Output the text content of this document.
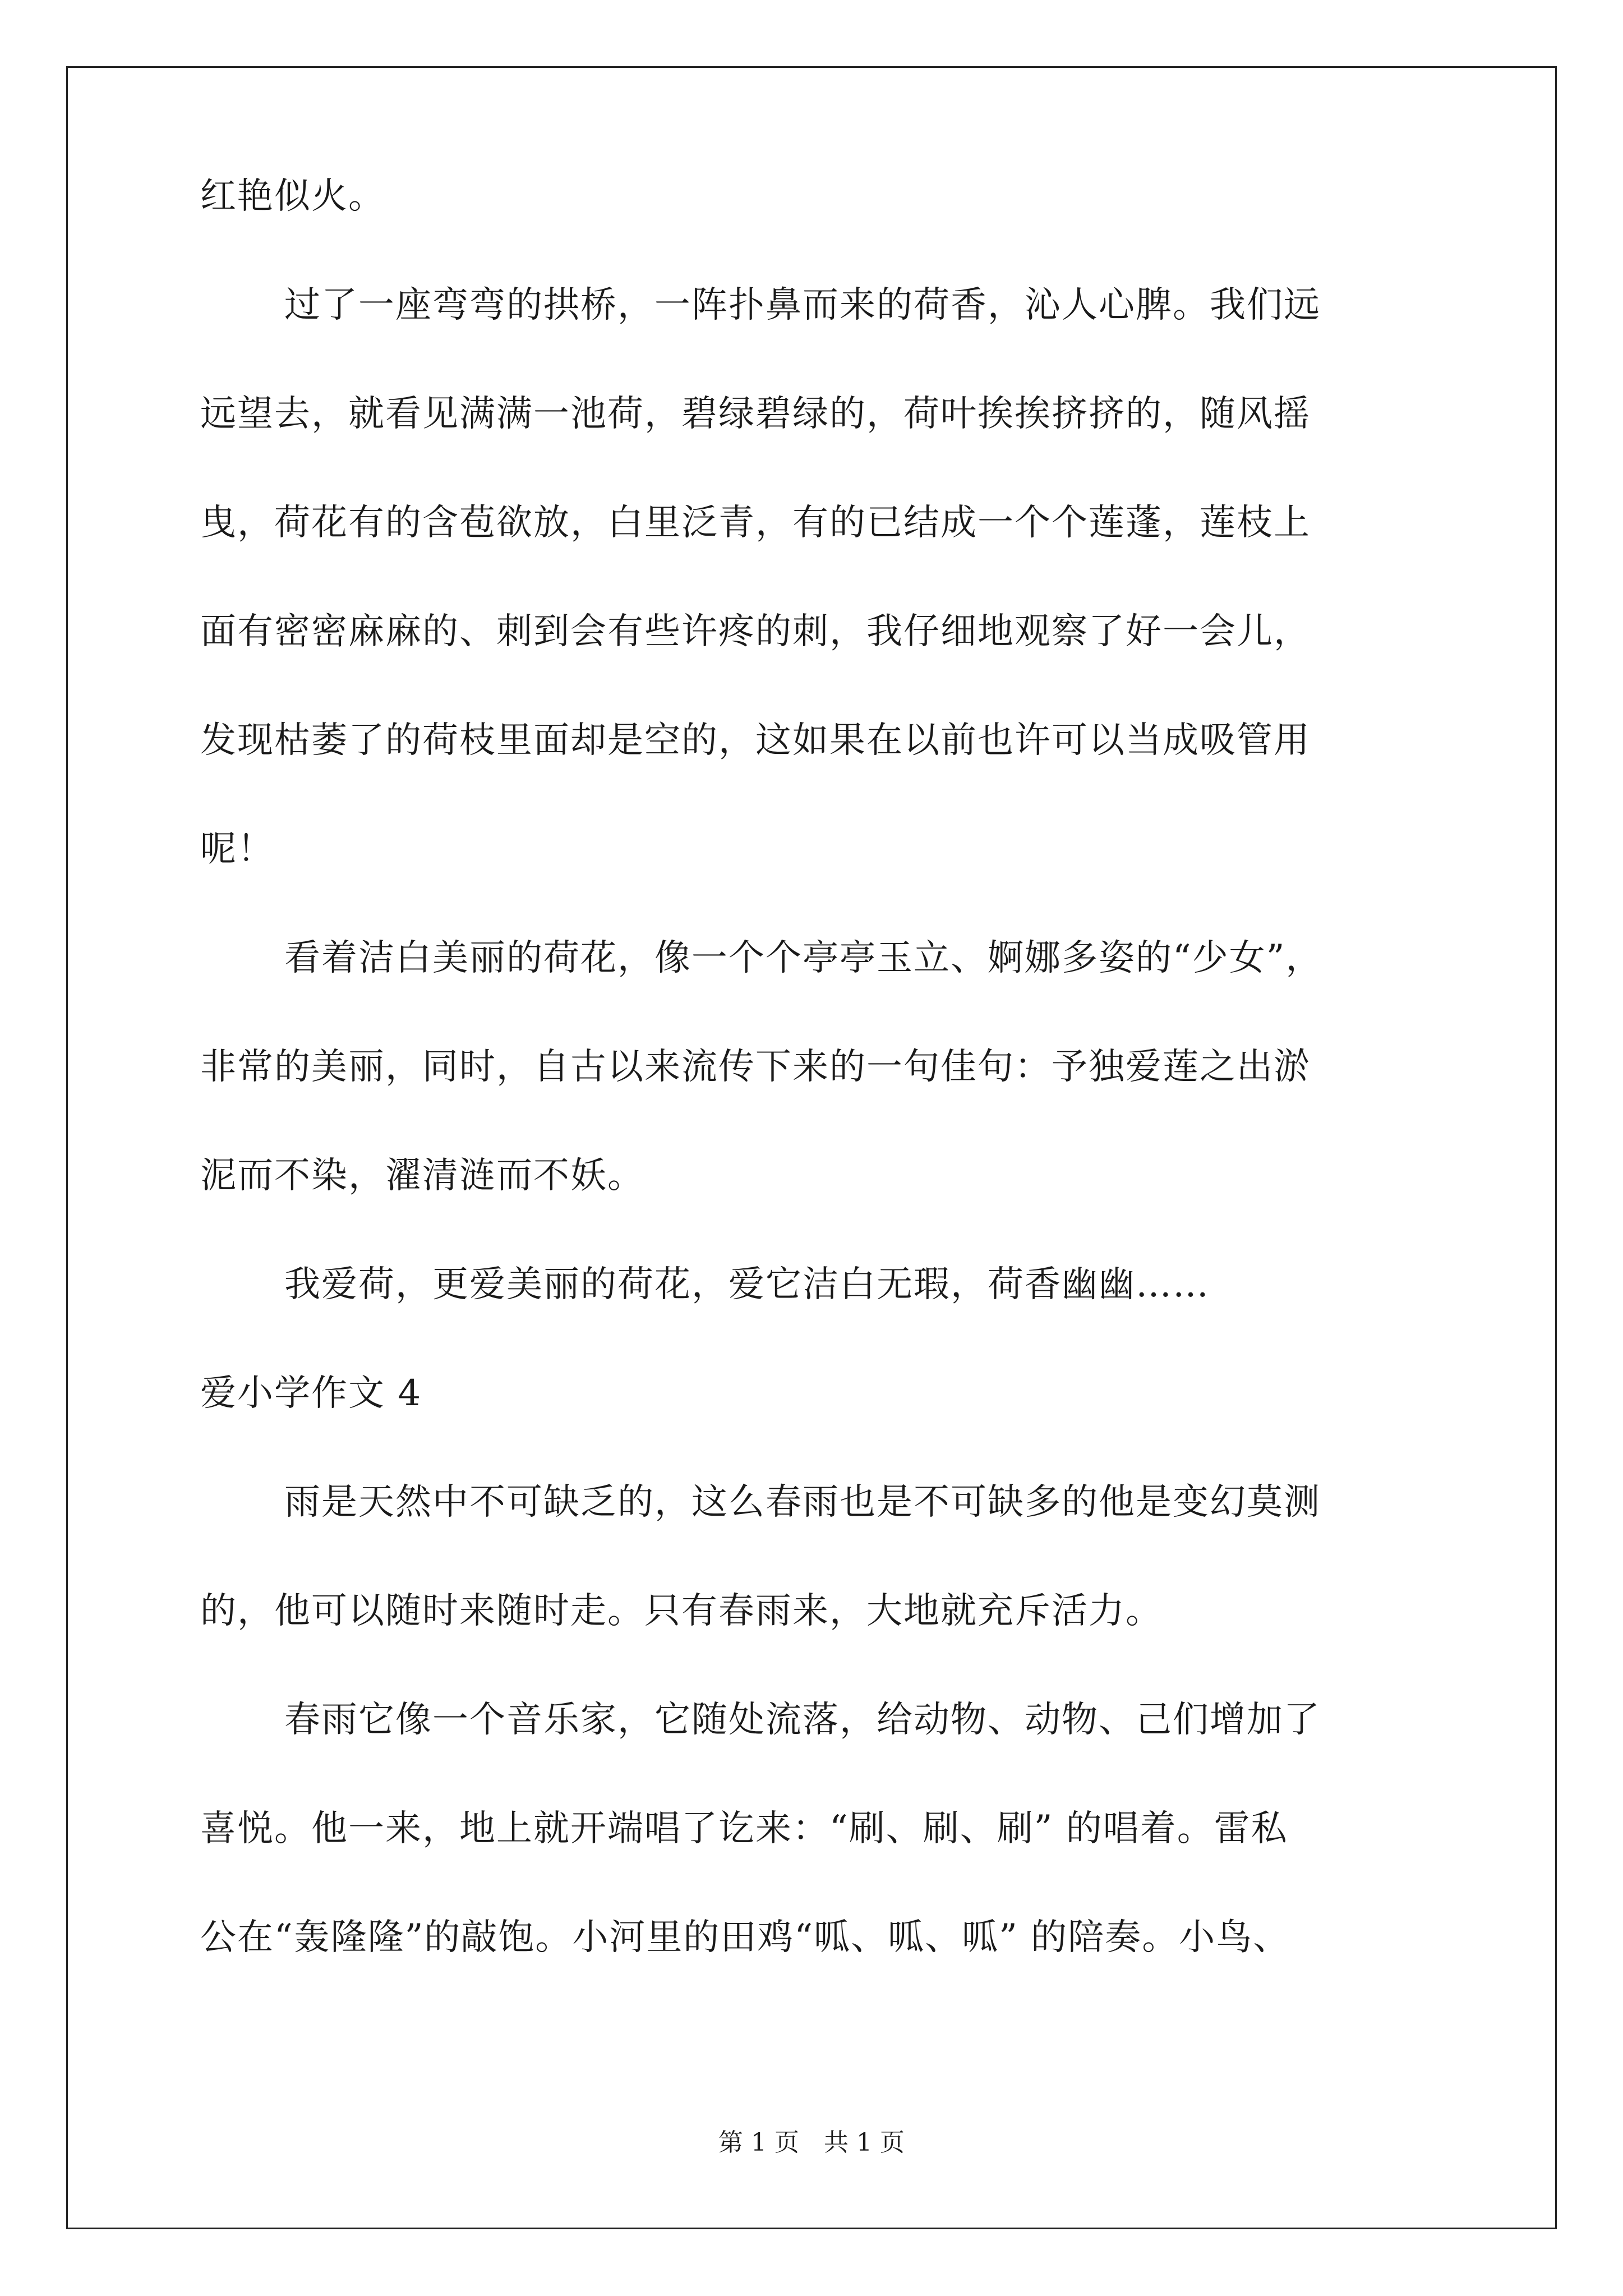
红艳似火。
过了一座弯弯的拱桥，一阵扑鼻而来的荷香，沁人心脾。我们远
远望去，就看见满满一池荷，碧绿碧绿的，荷叶挨挨挤挤的，随风摇
曳，荷花有的含苞欲放，白里泛青，有的已结成一个个莲蓬，莲枝上
面有密密麻麻的、刺到会有些许疼的刺，我仔细地观察了好一会儿，
发现枯萎了的荷枝里面却是空的，这如果在以前也许可以当成吸管用
呢！
看着洁白美丽的荷花，像一个个亭亭玉立、婀娜多姿的“少女”，
非常的美丽，同时，自古以来流传下来的一句佳句：予独爱莲之出淤
泥而不染，濯清涟而不妖。
我爱荷，更爱美丽的荷花，爱它洁白无瑕，荷香幽幽……
爱小学作文 4
雨是天然中不可缺乏的，这么春雨也是不可缺多的他是变幻莫测
的，他可以随时来随时走。只有春雨来，大地就充斥活力。
春雨它像一个音乐家，它随处流落，给动物、动物、己们增加了
喜悦。他一来，地上就开端唱了讫来：“刷、刷、刷” 的唱着。雷私
公在“轰隆隆”的敲饱。小河里的田鸡“呱、呱、呱” 的陪奏。小鸟、
第 1 页　共 1 页
